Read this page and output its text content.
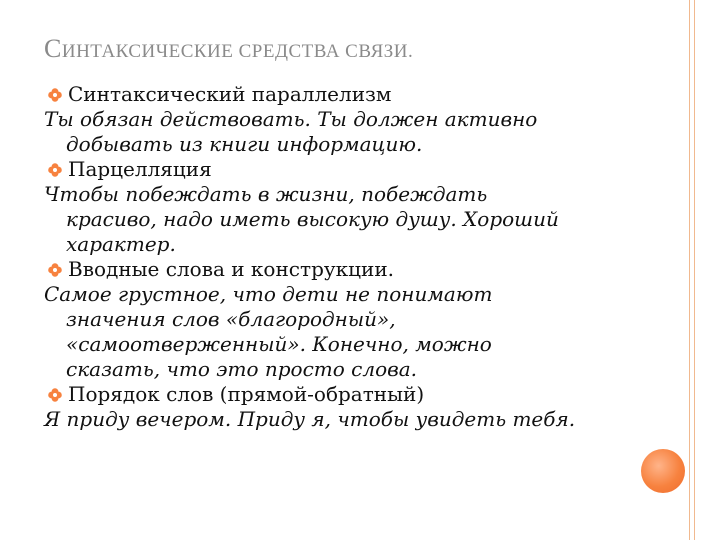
СИНТАКСИЧЕСКИЕ СРЕДСТВА СВЯЗИ.
Синтаксический параллелизм
Ты обязан действовать. Ты должен активно
добывать из книги информацию.
Парцелляция
Чтобы побеждать в жизни, побеждать
красиво, надо иметь высокую душу. Хороший
характер.
Вводные слова и конструкции.
Самое грустное, что дети не понимают
значения слов «благородный»,
«самоотверженный». Конечно, можно
сказать, что это просто слова.
Порядок слов (прямой-обратный)
Я приду вечером. Приду я, чтобы увидеть тебя.
